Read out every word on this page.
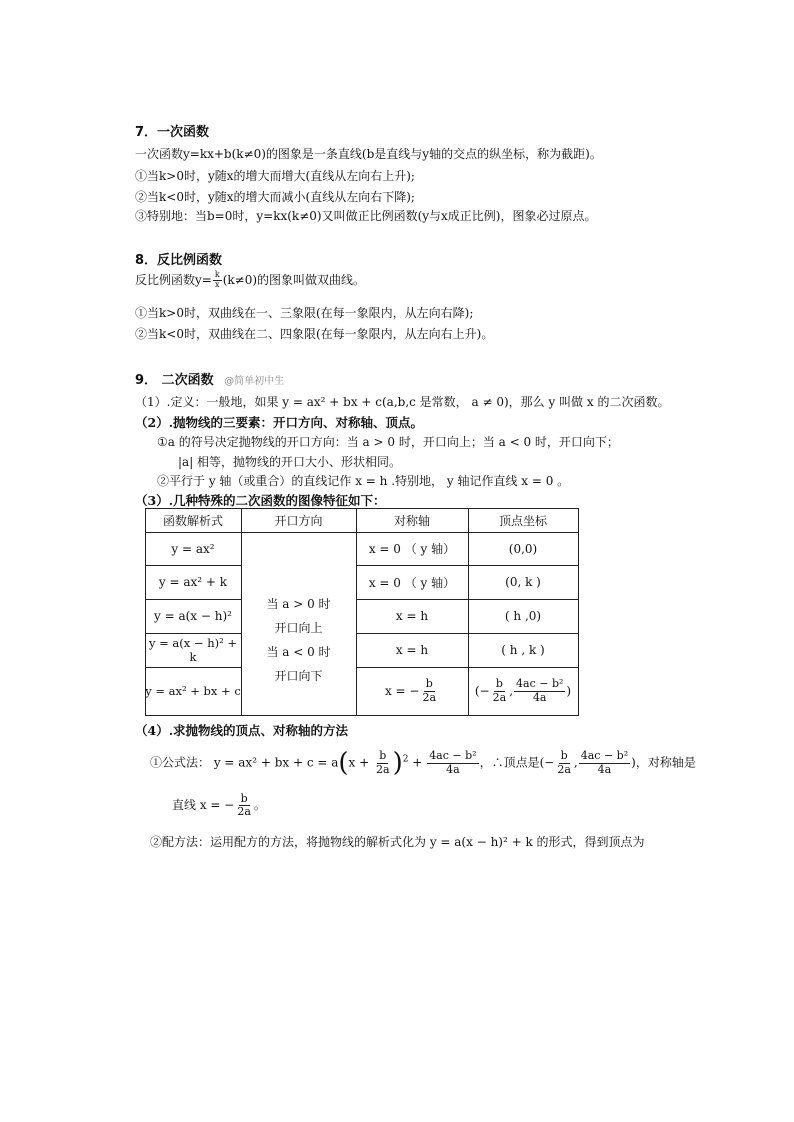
7．一次函数
一次函数y=kx+b(k≠0)的图象是一条直线(b是直线与y轴的交点的纵坐标，称为截距)。
①当k>0时，y随x的增大而增大(直线从左向右上升);
②当k<0时，y随x的增大而减小(直线从左向右下降);
③特别地：当b=0时，y=kx(k≠0)又叫做正比例函数(y与x成正比例)，图象必过原点。
8．反比例函数
反比例函数$y= \frac{k}{x} (k\ne 0)$的图象叫做双曲线。
①当k>0时，双曲线在一、三象限(在每一象限内，从左向右降);
②当k<0时，双曲线在二、四象限(在每一象限内，从左向右上升)。
9． 二次函数 @简单初中生
（1）.定义：一般地，如果 y = ax² + bx + c(a,b,c 是常数， a ≠ 0)，那么 y 叫做 x 的二次函数。
（2）.抛物线的三要素：开口方向、对称轴、顶点。
①a 的符号决定抛物线的开口方向：当 a > 0 时，开口向上；当 a < 0 时，开口向下；
|a| 相等，抛物线的开口大小、形状相同。
②平行于 y 轴（或重合）的直线记作 x = h .特别地， y 轴记作直线 x = 0 。
（3）.几种特殊的二次函数的图像特征如下：
函数解析式	开口方向	对称轴	顶点坐标
当 a > 0 时
开口向上
当 a < 0 时
开口向下
y = ax²	x = 0 （ y 轴）	(0,0)
y = ax² + k	x = 0 （ y 轴）	(0, k )
y = a(x − h)²	x = h	( h ,0)
y = a(x − h)² + k	x = h	( h , k )
y = ax² + bx + c	x = − $\frac{b}{2a}$	(− $\frac{b}{2a}$ , $\frac{\text{4ac − b²}}{4a}$ )
（4）.求抛物线的顶点、对称轴的方法
①公式法： y = ax² + bx + $c = a(x + \frac{b}{2a} )^2 + \frac{\text{4ac − b²}}{4a}$ ，∴顶点是(− $\frac{b}{2a}$ , $\frac{\text{4ac − b²}}{4a}$ )，对称轴是
直线 x = − $\frac{b}{2a}$ 。
②配方法：运用配方的方法，将抛物线的解析式化为 y = a(x − h)² + k 的形式，得到顶点为
